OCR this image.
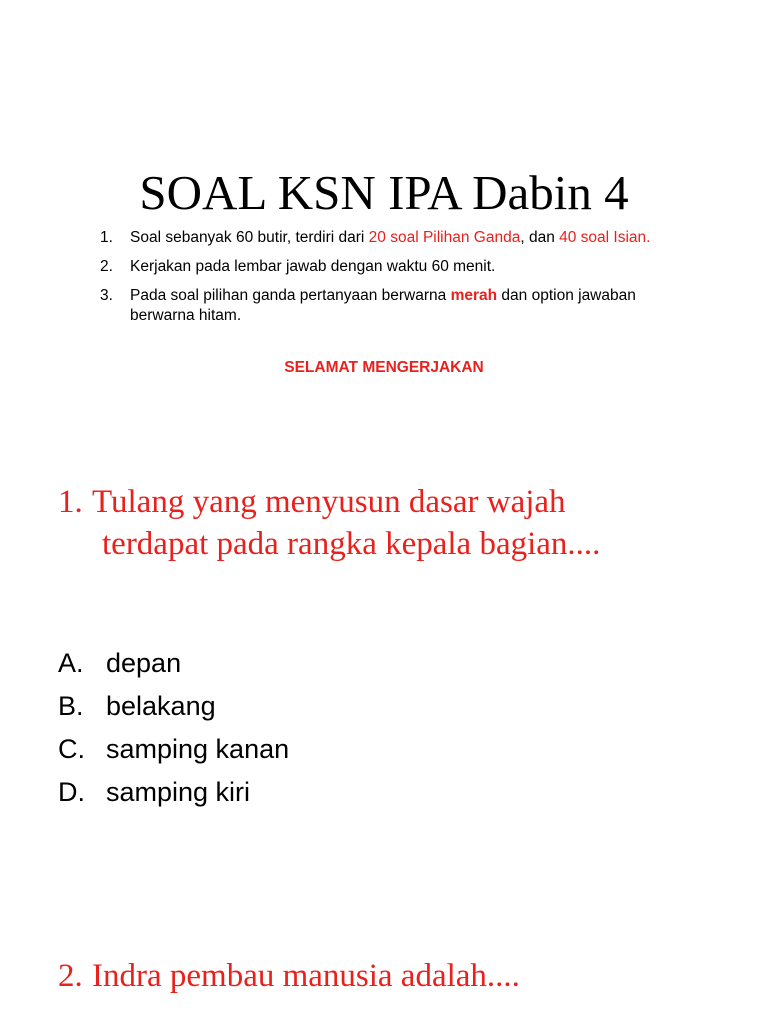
SOAL KSN IPA Dabin 4
1.	Soal sebanyak 60 butir, terdiri dari 20 soal Pilihan Ganda, dan 40 soal Isian.
2.	Kerjakan pada lembar jawab dengan waktu 60 menit.
3.	Pada soal pilihan ganda pertanyaan berwarna merah dan option jawaban berwarna hitam.
SELAMAT MENGERJAKAN
1. Tulang yang menyusun dasar wajah
terdapat pada rangka kepala bagian....
A. depan
B. belakang
C. samping kanan
D. samping kiri
2. Indra pembau manusia adalah....
